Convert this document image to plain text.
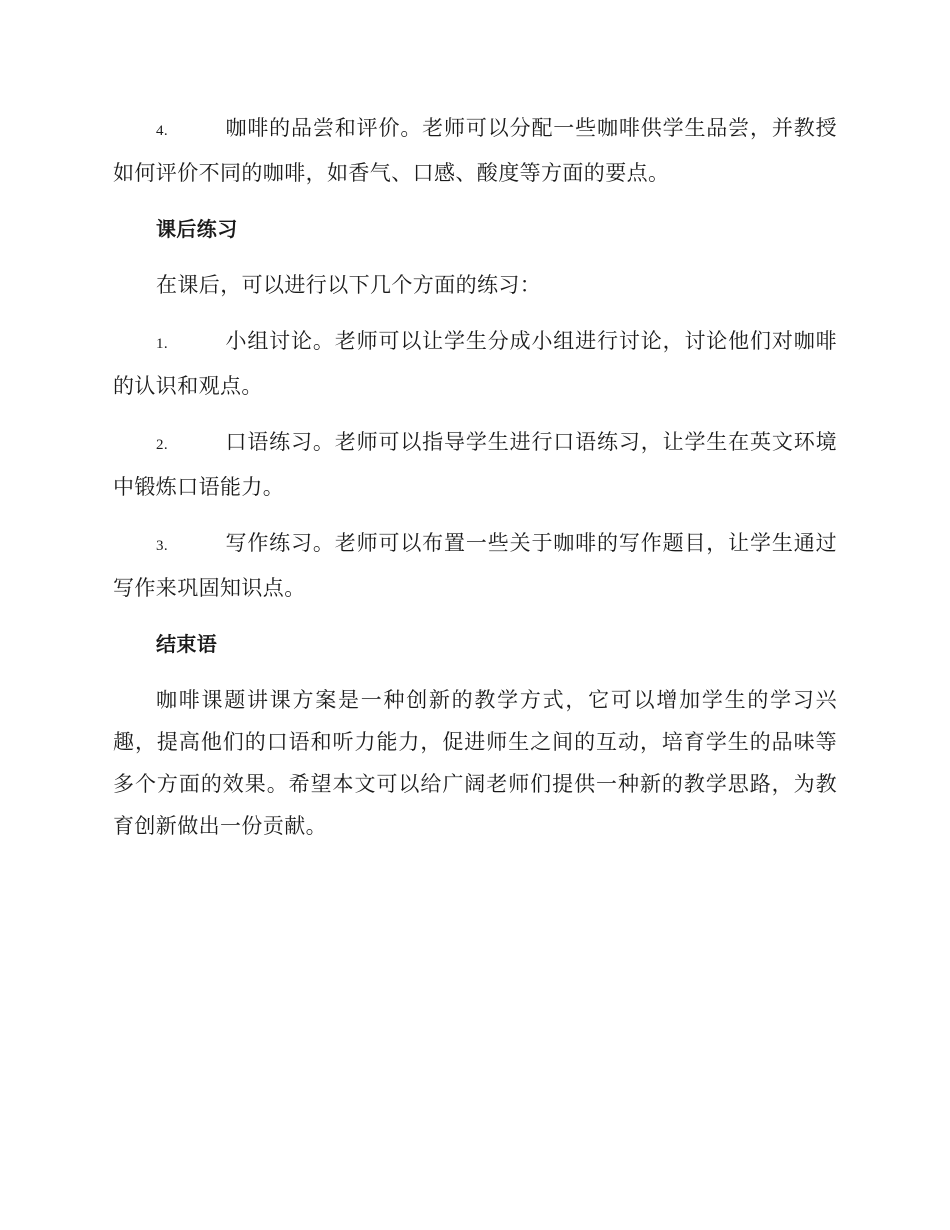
4.	咖啡的品尝和评价。老师可以分配一些咖啡供学生品尝，并教授如何评价不同的咖啡，如香气、口感、酸度等方面的要点。

课后练习

在课后，可以进行以下几个方面的练习：

1.	小组讨论。老师可以让学生分成小组进行讨论，讨论他们对咖啡的认识和观点。

2.	口语练习。老师可以指导学生进行口语练习，让学生在英文环境中锻炼口语能力。

3.	写作练习。老师可以布置一些关于咖啡的写作题目，让学生通过写作来巩固知识点。

结束语

咖啡课题讲课方案是一种创新的教学方式，它可以增加学生的学习兴趣，提高他们的口语和听力能力，促进师生之间的互动，培育学生的品味等多个方面的效果。希望本文可以给广阔老师们提供一种新的教学思路，为教育创新做出一份贡献。
